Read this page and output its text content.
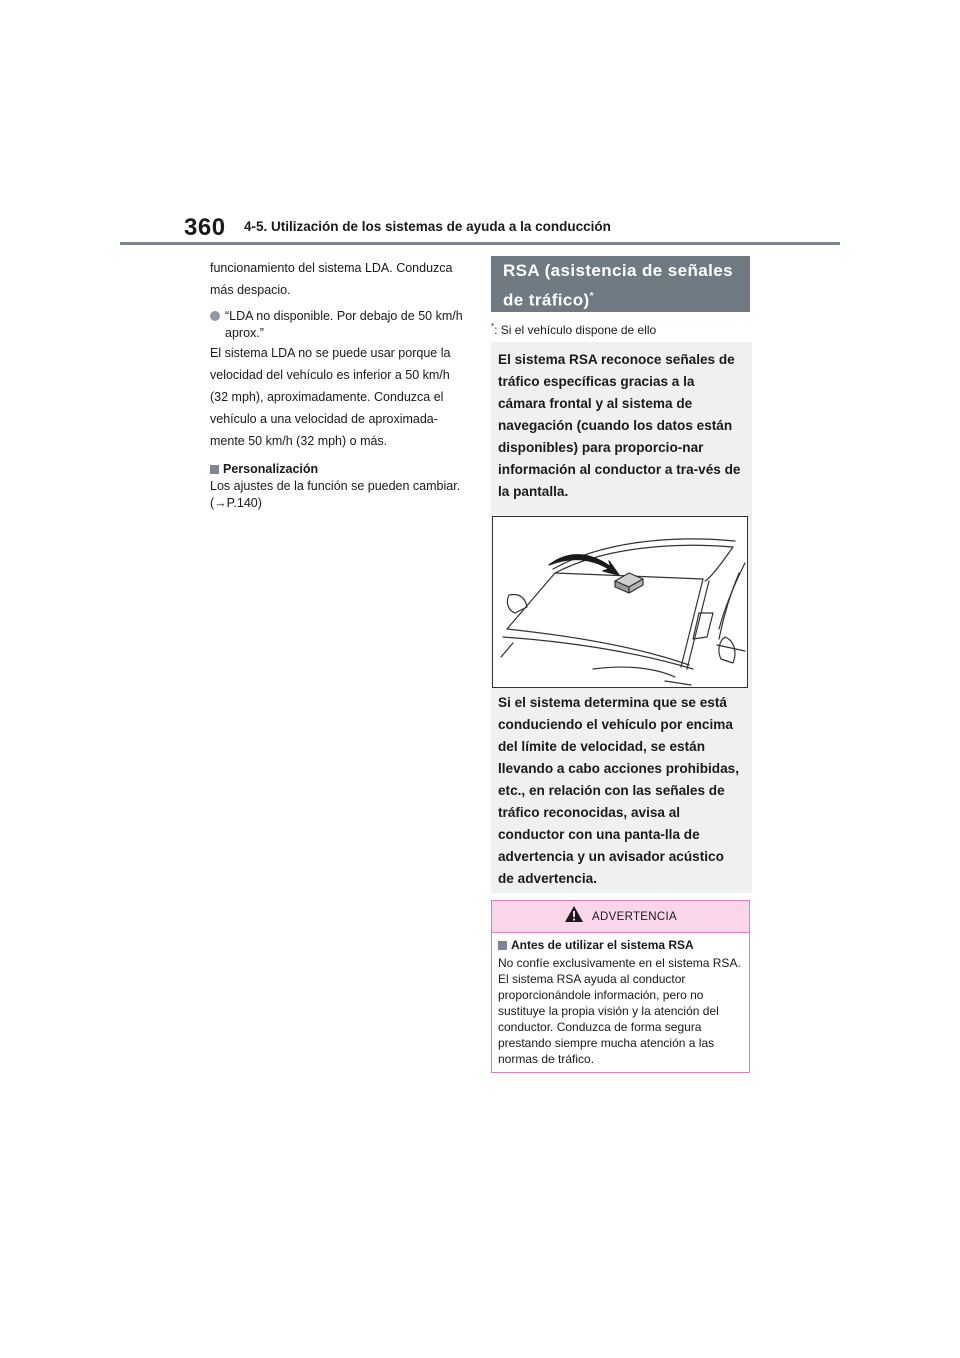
360 4-5. Utilización de los sistemas de ayuda a la conducción

funcionamiento del sistema LDA. Conduzca más despacio.

“LDA no disponible. Por debajo de 50 km/h aprox.”

El sistema LDA no se puede usar porque la velocidad del vehículo es inferior a 50 km/h (32 mph), aproximadamente. Conduzca el vehículo a una velocidad de aproximada-mente 50 km/h (32 mph) o más.

Personalización

Los ajustes de la función se pueden cambiar. (→P.140)

RSA (asistencia de señales de tráfico)*
*: Si el vehículo dispone de ello

El sistema RSA reconoce señales de tráfico específicas gracias a la cámara frontal y al sistema de navegación (cuando los datos están disponibles) para proporcio-nar información al conductor a tra-vés de la pantalla.

Si el sistema determina que se está conduciendo el vehículo por encima del límite de velocidad, se están llevando a cabo acciones prohibidas, etc., en relación con las señales de tráfico reconocidas, avisa al conductor con una panta-lla de advertencia y un avisador acústico de advertencia.

ADVERTENCIA
Antes de utilizar el sistema RSA

No confíe exclusivamente en el sistema RSA. El sistema RSA ayuda al conductor proporcionándole información, pero no sustituye la propia visión y la atención del conductor. Conduzca de forma segura prestando siempre mucha atención a las normas de tráfico.
